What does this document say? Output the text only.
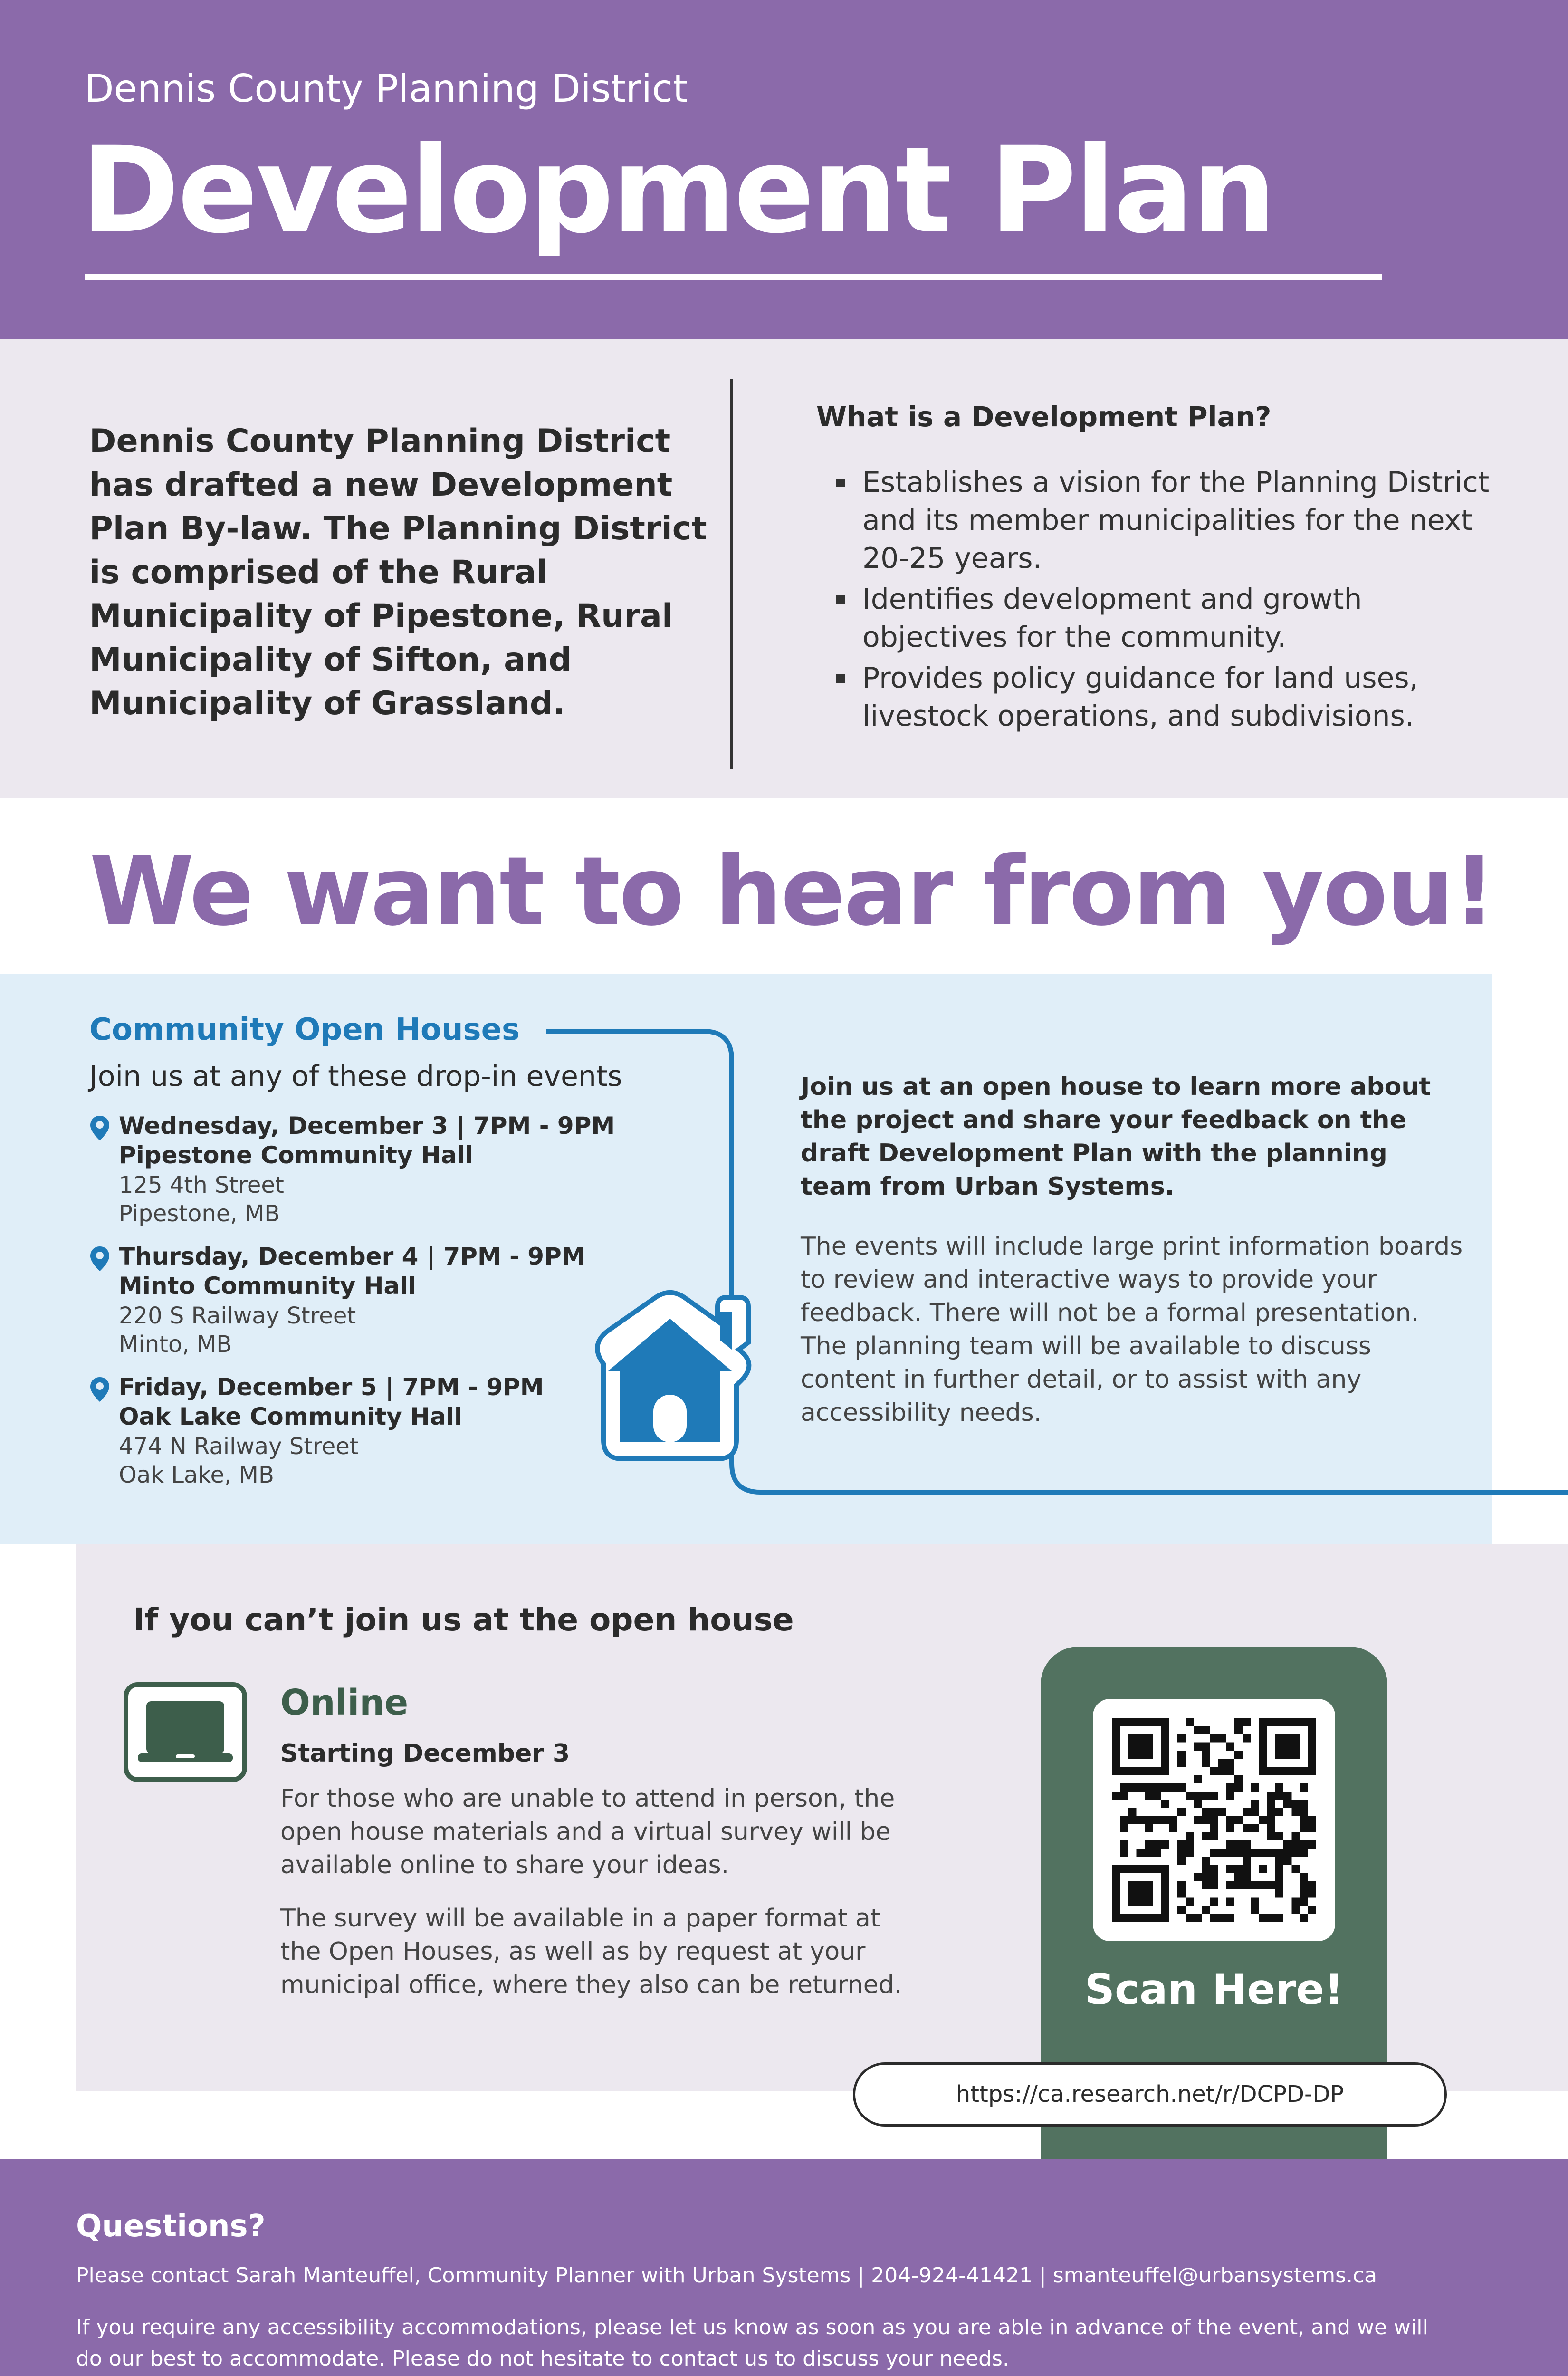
Dennis County Planning District
Development Plan
Dennis County Planning District has drafted a new Development Plan By-law. The Planning District is comprised of the Rural Municipality of Pipestone, Rural Municipality of Sifton, and Municipality of Grassland.
What is a Development Plan?
Establishes a vision for the Planning District and its member municipalities for the next 20-25 years.
Identifies development and growth objectives for the community.
Provides policy guidance for land uses, livestock operations, and subdivisions.
We want to hear from you!
Community Open Houses
Join us at any of these drop-in events
Wednesday, December 3 | 7PM - 9PM
Pipestone Community Hall
125 4th Street
Pipestone, MB
Thursday, December 4 | 7PM - 9PM
Minto Community Hall
220 S Railway Street
Minto, MB
Friday, December 5 | 7PM - 9PM
Oak Lake Community Hall
474 N Railway Street
Oak Lake, MB
Join us at an open house to learn more about the project and share your feedback on the draft Development Plan with the planning team from Urban Systems.
The events will include large print information boards to review and interactive ways to provide your feedback. There will not be a formal presentation. The planning team will be available to discuss content in further detail, or to assist with any accessibility needs.
If you can’t join us at the open house
Online
Starting December 3
For those who are unable to attend in person, the open house materials and a virtual survey will be available online to share your ideas.
The survey will be available in a paper format at the Open Houses, as well as by request at your municipal office, where they also can be returned.	Scan Here!
https://ca.research.net/r/DCPD-DP
Questions?
Please contact Sarah Manteuffel, Community Planner with Urban Systems | 204-924-41421 | smanteuffel@urbansystems.ca
If you require any accessibility accommodations, please let us know as soon as you are able in advance of the event, and we will do our best to accommodate. Please do not hesitate to contact us to discuss your needs.
